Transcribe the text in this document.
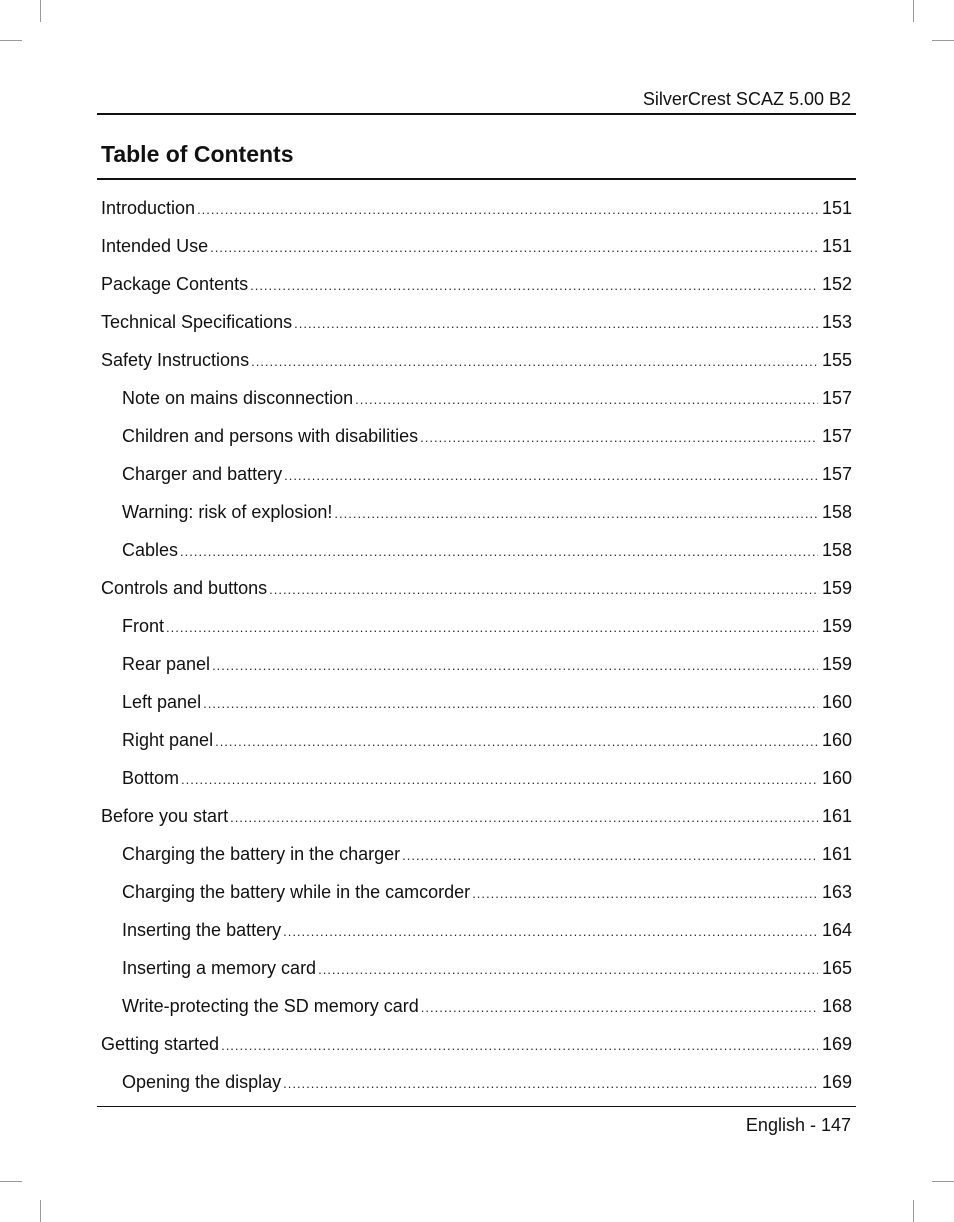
SilverCrest SCAZ 5.00 B2
Table of Contents
Introduction .....	151
Intended Use .....	151
Package Contents .....	152
Technical Specifications .....	153
Safety Instructions .....	155
Note on mains disconnection .....	157
Children and persons with disabilities .....	157
Charger and battery .....	157
Warning: risk of explosion! .....	158
Cables .....	158
Controls and buttons .....	159
Front .....	159
Rear panel .....	159
Left panel .....	160
Right panel .....	160
Bottom .....	160
Before you start .....	161
Charging the battery in the charger .....	161
Charging the battery while in the camcorder .....	163
Inserting the battery .....	164
Inserting a memory card .....	165
Write-protecting the SD memory card .....	168
Getting started .....	169
Opening the display .....	169
English - 147
